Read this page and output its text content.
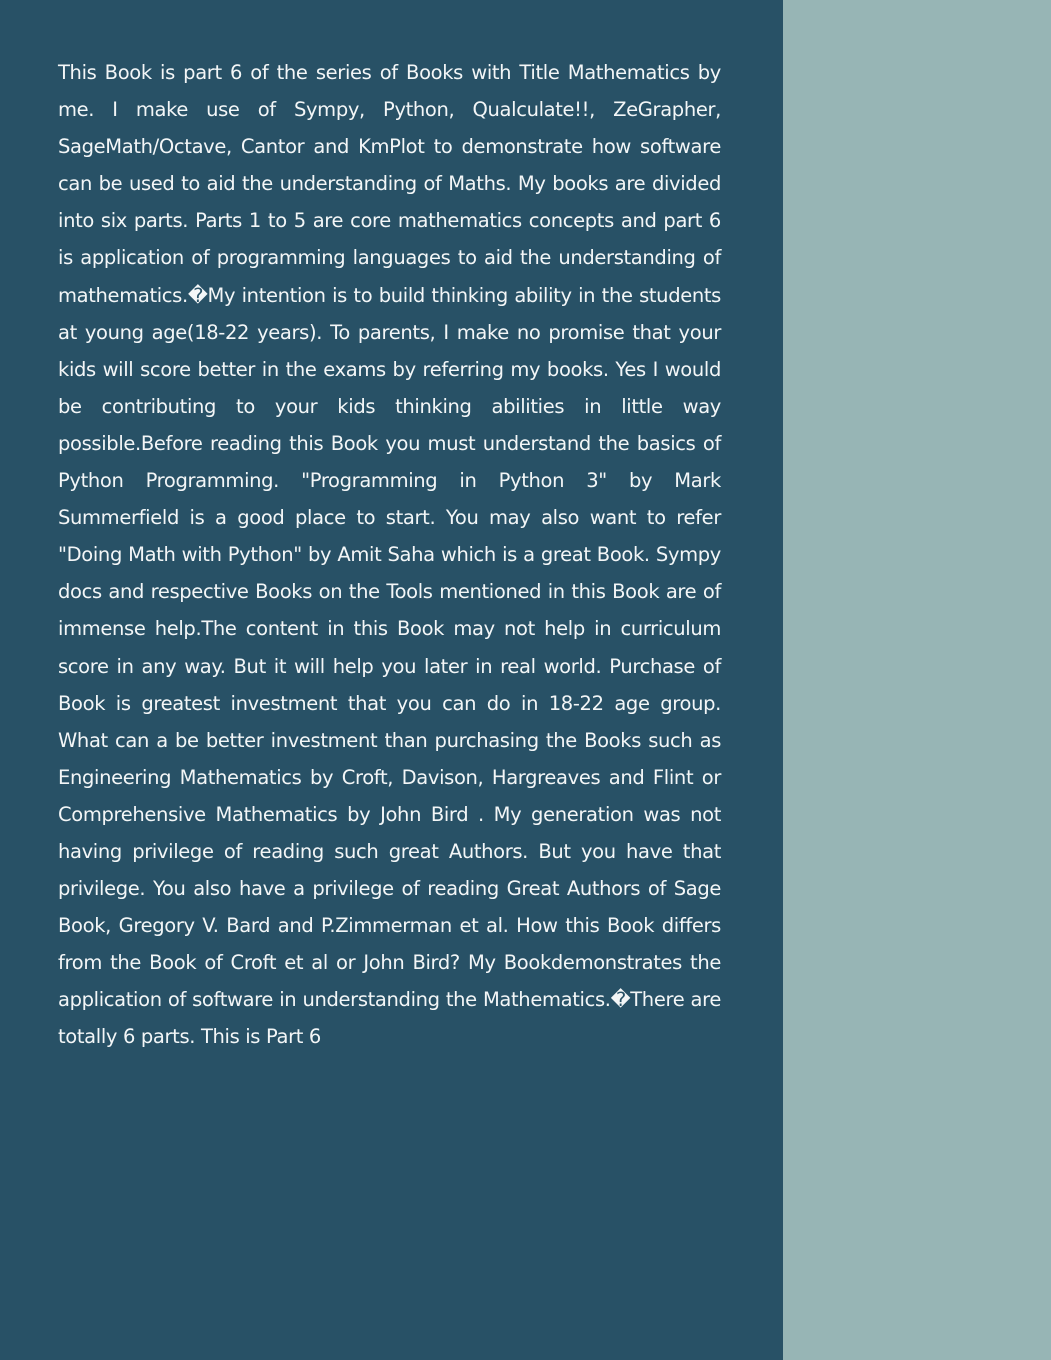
This Book is part 6 of the series of Books with Title Mathematics by me. I make use of Sympy, Python, Qualculate!!, ZeGrapher, SageMath/Octave, Cantor and KmPlot to demonstrate how software can be used to aid the understanding of Maths. My books are divided into six parts. Parts 1 to 5 are core mathematics concepts and part 6 is application of programming languages to aid the understanding of mathematics.�My intention is to build thinking ability in the students at young age(18-22 years). To parents, I make no promise that your kids will score better in the exams by referring my books. Yes I would be contributing to your kids thinking abilities in little way possible.Before reading this Book you must understand the basics of Python Programming. "Programming in Python 3" by Mark Summerfield is a good place to start. You may also want to refer "Doing Math with Python" by Amit Saha which is a great Book. Sympy docs and respective Books on the Tools mentioned in this Book are of immense help.The content in this Book may not help in curriculum score in any way. But it will help you later in real world. Purchase of Book is greatest investment that you can do in 18-22 age group. What can a be better investment than purchasing the Books such as Engineering Mathematics by Croft, Davison, Hargreaves and Flint or Comprehensive Mathematics by John Bird . My generation was not having privilege of reading such great Authors. But you have that privilege. You also have a privilege of reading Great Authors of Sage Book, Gregory V. Bard and P.Zimmerman et al. How this Book differs from the Book of Croft et al or John Bird? My Bookdemonstrates the application of software in understanding the Mathematics.�There are totally 6 parts. This is Part 6
